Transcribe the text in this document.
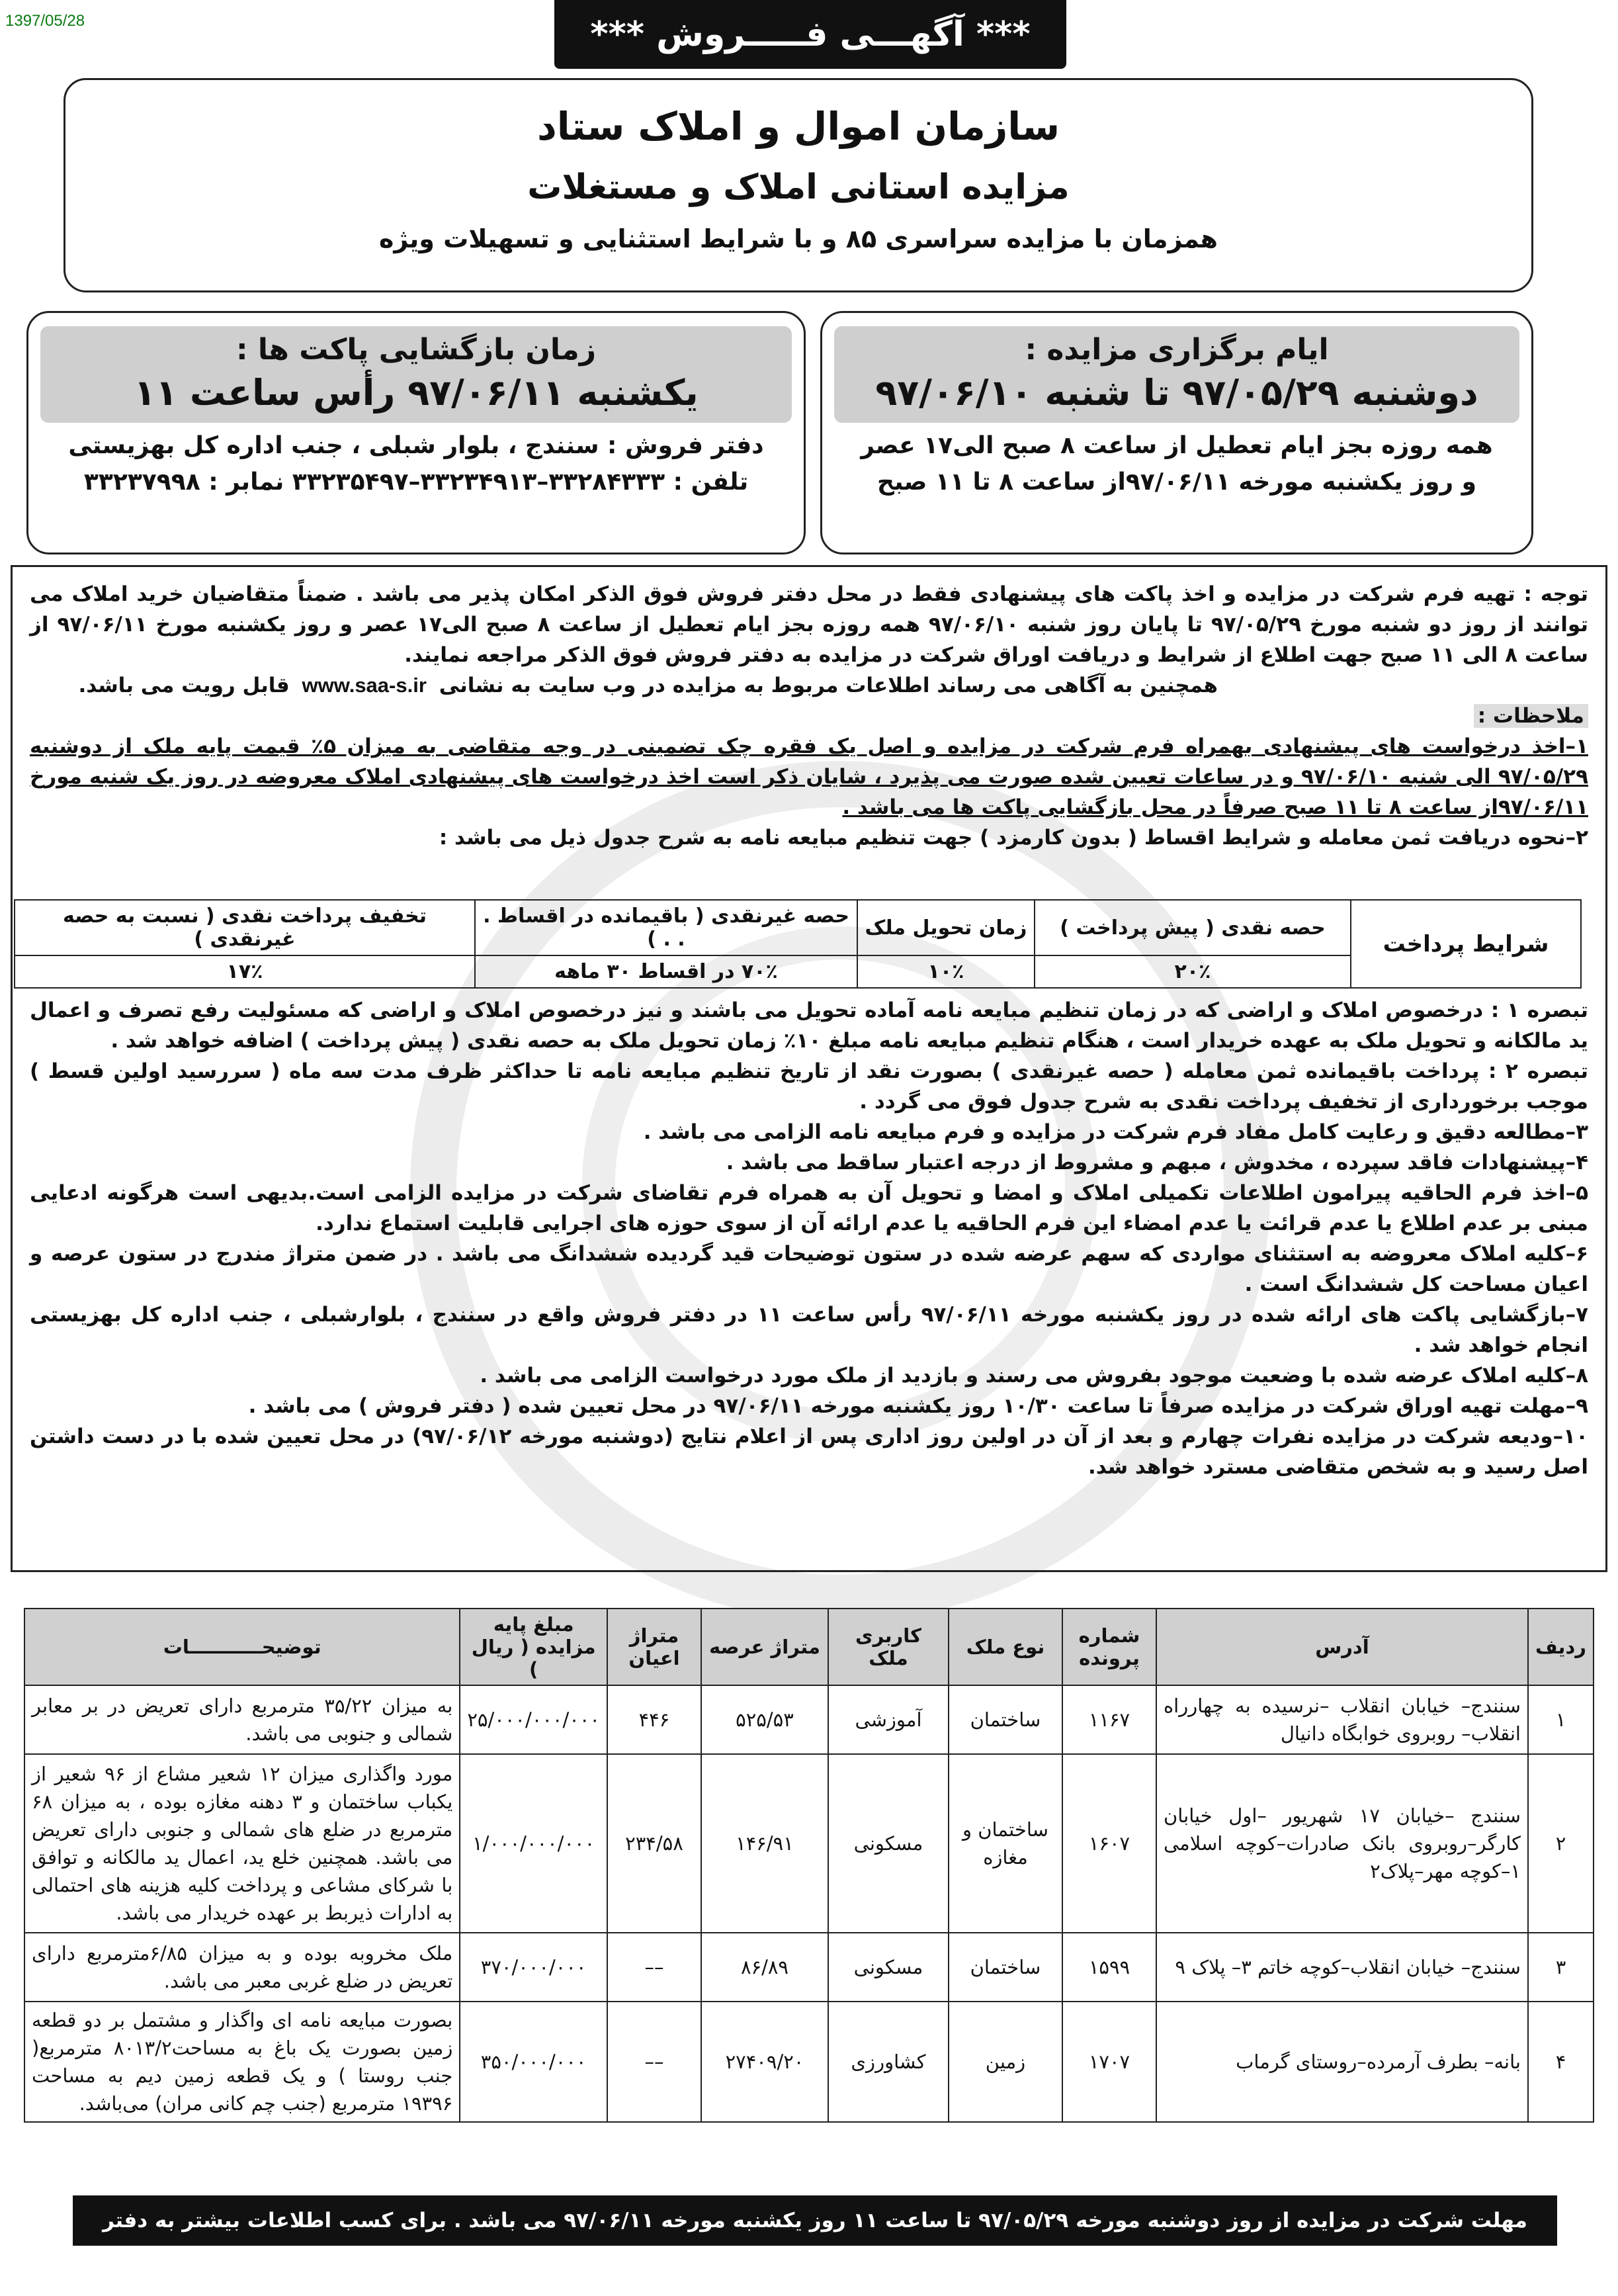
1397/05/28	*** آگهـــی فـــــروش ***
سازمان اموال و املاک ستاد
مزایده استانی املاک و مستغلات
همزمان با مزایده سراسری ۸۵ و با شرایط استثنایی و تسهیلات ویژه
ایام برگزاری مزایده :
دوشنبه ۹۷/۰۵/۲۹ تا شنبه ۹۷/۰۶/۱۰
همه روزه بجز ایام تعطیل از ساعت ۸ صبح الی۱۷ عصر
و روز یکشنبه مورخه ۹۷/۰۶/۱۱از ساعت ۸ تا ۱۱ صبح
زمان بازگشایی پاکت ها :
یکشنبه ۹۷/۰۶/۱۱ رأس ساعت ۱۱
دفتر فروش : سنندج ، بلوار شبلی ، جنب اداره کل بهزیستی
تلفن : ۳۳۲۸۴۳۳۳–۳۳۲۳۴۹۱۳–۳۳۲۳۵۴۹۷ نمابر : ۳۳۲۳۷۹۹۸
توجه : تهیه فرم شرکت در مزایده و اخذ پاکت های پیشنهادی فقط در محل دفتر فروش فوق الذکر امکان پذیر می باشد . ضمناً متقاضیان خرید املاک می توانند از روز دو شنبه مورخ ۹۷/۰۵/۲۹ تا پایان روز شنبه ۹۷/۰۶/۱۰ همه روزه بجز ایام تعطیل از ساعت ۸ صبح الی۱۷ عصر و روز یکشنبه مورخ ۹۷/۰۶/۱۱ از ساعت ۸ الی ۱۱ صبح جهت اطلاع از شرایط و دریافت اوراق شرکت در مزایده به دفتر فروش فوق الذکر مراجعه نمایند.
همچنین به آگاهی می رساند اطلاعات مربوط به مزایده در وب سایت به نشانی www.saa-s.ir قابل رویت می باشد.
ملاحظات :
۱–اخذ درخواست های پیشنهادی بهمراه فرم شرکت در مزایده و اصل یک فقره چک تضمینی در وجه متقاضی به میزان ۵٪ قیمت پایه ملک از دوشنبه ۹۷/۰۵/۲۹ الی شنبه ۹۷/۰۶/۱۰ و در ساعات تعیین شده صورت می پذیرد ، شایان ذکر است اخذ درخواست های پیشنهادی املاک معروضه در روز یک شنبه مورخ ۹۷/۰۶/۱۱از ساعت ۸ تا ۱۱ صبح صرفاً در محل بازگشایی پاکت ها می باشد .
۲–نحوه دریافت ثمن معامله و شرایط اقساط ( بدون کارمزد ) جهت تنظیم مبایعه نامه به شرح جدول ذیل می باشد :
شرایط پرداخت	حصه نقدی ( پیش پرداخت )	زمان تحویل ملک	حصه غیرنقدی ( باقیمانده در اقساط . . . )	تخفیف پرداخت نقدی ( نسبت به حصه غیرنقدی )
	۲۰٪	۱۰٪	۷۰٪ در اقساط ۳۰ ماهه	۱۷٪
تبصره ۱ : درخصوص املاک و اراضی که در زمان تنظیم مبایعه نامه آماده تحویل می باشند و نیز درخصوص املاک و اراضی که مسئولیت رفع تصرف و اعمال ید مالکانه و تحویل ملک به عهده خریدار است ، هنگام تنظیم مبایعه نامه مبلغ ۱۰٪ زمان تحویل ملک به حصه نقدی ( پیش پرداخت ) اضافه خواهد شد .
تبصره ۲ : پرداخت باقیمانده ثمن معامله ( حصه غیرنقدی ) بصورت نقد از تاریخ تنظیم مبایعه نامه تا حداکثر ظرف مدت سه ماه ( سررسید اولین قسط ) موجب برخورداری از تخفیف پرداخت نقدی به شرح جدول فوق می گردد .
۳–مطالعه دقیق و رعایت کامل مفاد فرم شرکت در مزایده و فرم مبایعه نامه الزامی می باشد .
۴–پیشنهادات فاقد سپرده ، مخدوش ، مبهم و مشروط از درجه اعتبار ساقط می باشد .
۵–اخذ فرم الحاقیه پیرامون اطلاعات تکمیلی املاک و امضا و تحویل آن به همراه فرم تقاضای شرکت در مزایده الزامی است.بدیهی است هرگونه ادعایی مبنی بر عدم اطلاع یا عدم قرائت یا عدم امضاء این فرم الحاقیه یا عدم ارائه آن از سوی حوزه های اجرایی قابلیت استماع ندارد.
۶–کلیه املاک معروضه به استثنای مواردی که سهم عرضه شده در ستون توضیحات قید گردیده ششدانگ می باشد . در ضمن متراژ مندرج در ستون عرصه و اعیان مساحت کل ششدانگ است .
۷–بازگشایی پاکت های ارائه شده در روز یکشنبه مورخه ۹۷/۰۶/۱۱ رأس ساعت ۱۱ در دفتر فروش واقع در سنندج ، بلوارشبلی ، جنب اداره کل بهزیستی انجام خواهد شد .
۸–کلیه املاک عرضه شده با وضعیت موجود بفروش می رسند و بازدید از ملک مورد درخواست الزامی می باشد .
۹–مهلت تهیه اوراق شرکت در مزایده صرفاً تا ساعت ۱۰/۳۰ روز یکشنبه مورخه ۹۷/۰۶/۱۱ در محل تعیین شده ( دفتر فروش ) می باشد .
۱۰–ودیعه شرکت در مزایده نفرات چهارم و بعد از آن در اولین روز اداری پس از اعلام نتایج (دوشنبه مورخه ۹۷/۰۶/۱۲) در محل تعیین شده با در دست داشتن اصل رسید و به شخص متقاضی مسترد خواهد شد.
ردیف	آدرس	شماره پرونده	نوع ملک	کاربری ملک	متراژ عرصه	متراژ اعیان	مبلغ پایه مزایده ( ریال )	توضیحـــــــــــات
۱	سنندج– خیابان انقلاب –نرسیده به چهارراه انقلاب– روبروی خوابگاه دانیال	۱۱۶۷	ساختمان	آموزشی	۵۲۵/۵۳	۴۴۶	۲۵/۰۰۰/۰۰۰/۰۰۰	به میزان ۳۵/۲۲ مترمربع دارای تعریض در بر معابر شمالی و جنوبی می باشد.
۲	سنندج –خیابان ۱۷ شهریور –اول خیابان کارگر–روبروی بانک صادرات–کوچه اسلامی ۱–کوچه مهر–پلاک۲	۱۶۰۷	ساختمان و مغازه	مسکونی	۱۴۶/۹۱	۲۳۴/۵۸	۱/۰۰۰/۰۰۰/۰۰۰	مورد واگذاری میزان ۱۲ شعیر مشاع از ۹۶ شعیر از یکباب ساختمان و ۳ دهنه مغازه بوده ، به میزان ۶۸ مترمربع در ضلع های شمالی و جنوبی دارای تعریض می باشد. همچنین خلع ید، اعمال ید مالکانه و توافق با شرکای مشاعی و پرداخت کلیه هزینه های احتمالی به ادارات ذیربط بر عهده خریدار می باشد.
۳	سنندج– خیابان انقلاب–کوچه خاتم ۳– پلاک ۹	۱۵۹۹	ساختمان	مسکونی	۸۶/۸۹	––	۳۷۰/۰۰۰/۰۰۰	ملک مخروبه بوده و به میزان ۶/۸۵مترمربع دارای تعریض در ضلع غربی معبر می باشد.
۴	بانه– بطرف آرمرده–روستای گرماب	۱۷۰۷	زمین	کشاورزی	۲۷۴۰۹/۲۰	––	۳۵۰/۰۰۰/۰۰۰	بصورت مبایعه نامه ای واگذار و مشتمل بر دو قطعه زمین بصورت یک باغ به مساحت۸۰۱۳/۲ مترمربع( جنب روستا ) و یک قطعه زمین دیم به مساحت ۱۹۳۹۶ مترمربع (جنب چم کانی مران) می‌باشد.
مهلت شرکت در مزایده از روز دوشنبه مورخه ۹۷/۰۵/۲۹ تا ساعت ۱۱ روز یکشنبه مورخه ۹۷/۰۶/۱۱ می باشد . برای کسب اطلاعات بیشتر به دفتر فروش فوق الذکر مراجعه فرمایید .
